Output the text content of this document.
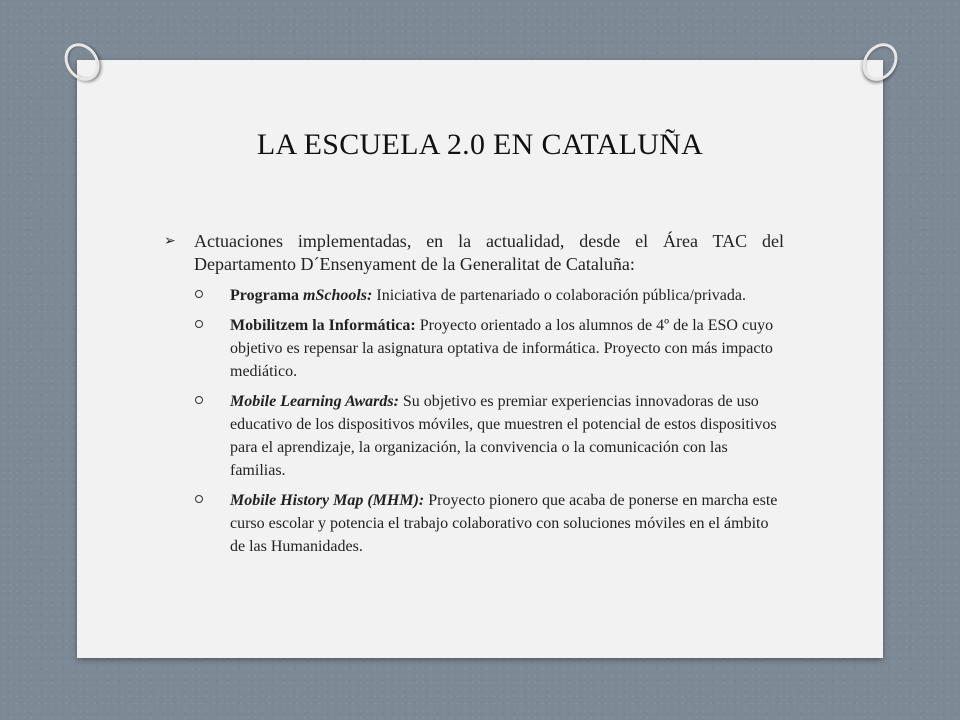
LA ESCUELA 2.0 EN CATALUÑA

➢ Actuaciones implementadas, en la actualidad, desde el Área TAC del Departamento D´Ensenyament de la Generalitat de Cataluña:

Programa mSchools: Iniciativa de partenariado o colaboración pública/privada.

Mobilitzem la Informática: Proyecto orientado a los alumnos de 4º de la ESO cuyo objetivo es repensar la asignatura optativa de informática. Proyecto con más impacto mediático.

Mobile Learning Awards: Su objetivo es premiar experiencias innovadoras de uso educativo de los dispositivos móviles, que muestren el potencial de estos dispositivos para el aprendizaje, la organización, la convivencia o la comunicación con las familias.

Mobile History Map (MHM): Proyecto pionero que acaba de ponerse en marcha este curso escolar y potencia el trabajo colaborativo con soluciones móviles en el ámbito de las Humanidades.
